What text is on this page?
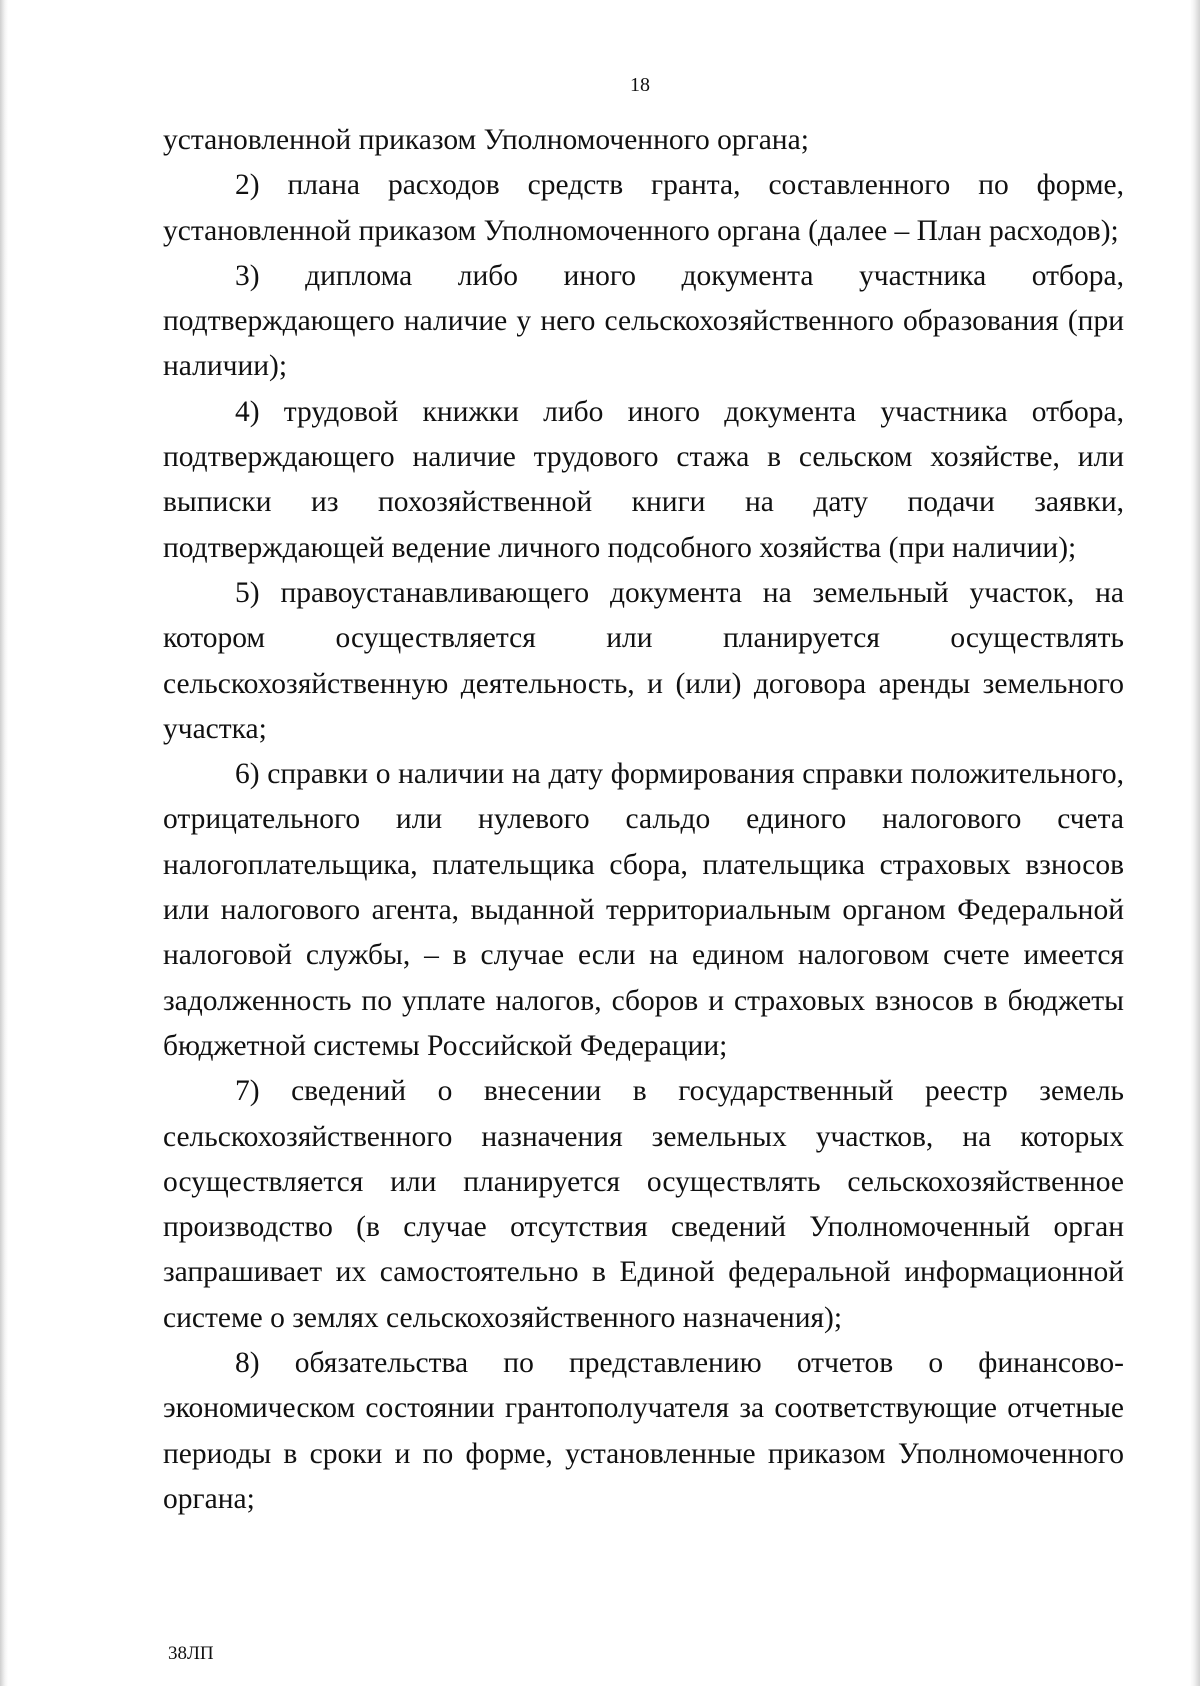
18

установленной приказом Уполномоченного органа;

2) плана расходов средств гранта, составленного по форме, установленной приказом Уполномоченного органа (далее – План расходов);

3) диплома либо иного документа участника отбора, подтверждающего наличие у него сельскохозяйственного образования (при наличии);

4) трудовой книжки либо иного документа участника отбора, подтверждающего наличие трудового стажа в сельском хозяйстве, или выписки из похозяйственной книги на дату подачи заявки, подтверждающей ведение личного подсобного хозяйства (при наличии);

5) правоустанавливающего документа на земельный участок, на котором осуществляется или планируется осуществлять сельскохозяйственную деятельность, и (или) договора аренды земельного участка;

6) справки о наличии на дату формирования справки положительного, отрицательного или нулевого сальдо единого налогового счета налогоплательщика, плательщика сбора, плательщика страховых взносов или налогового агента, выданной территориальным органом Федеральной налоговой службы, – в случае если на едином налоговом счете имеется задолженность по уплате налогов, сборов и страховых взносов в бюджеты бюджетной системы Российской Федерации;

7) сведений о внесении в государственный реестр земель сельскохозяйственного назначения земельных участков, на которых осуществляется или планируется осуществлять сельскохозяйственное производство (в случае отсутствия сведений Уполномоченный орган запрашивает их самостоятельно в Единой федеральной информационной системе о землях сельскохозяйственного назначения);

8) обязательства по представлению отчетов о финансово-экономическом состоянии грантополучателя за соответствующие отчетные периоды в сроки и по форме, установленные приказом Уполномоченного органа;

38ЛП
